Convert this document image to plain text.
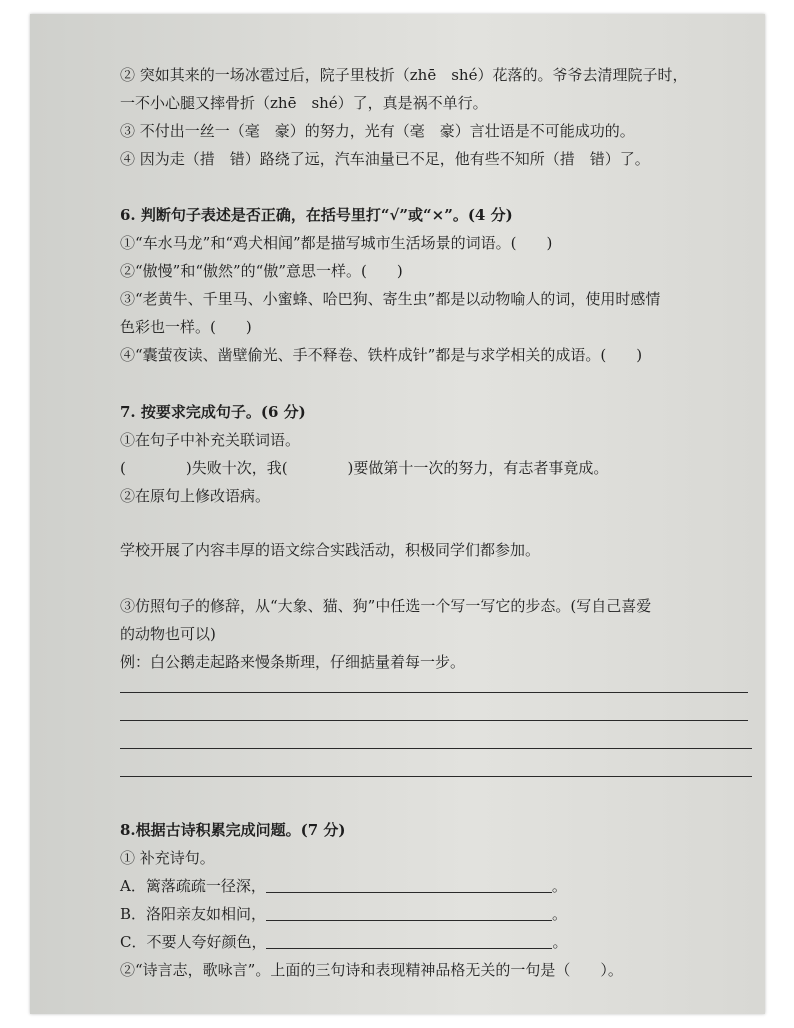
② 突如其来的一场冰雹过后，院子里枝折（zhē　shé）花落的。爷爷去清理院子时，
一不小心腿又摔骨折（zhē　shé）了，真是祸不单行。
③ 不付出一丝一（毫　豪）的努力，光有（毫　豪）言壮语是不可能成功的。
④ 因为走（措　错）路绕了远，汽车油量已不足，他有些不知所（措　错）了。
6. 判断句子表述是否正确，在括号里打“√”或“×”。(4 分)
①“车水马龙”和“鸡犬相闻”都是描写城市生活场景的词语。(　　)
②“傲慢”和“傲然”的“傲”意思一样。(　　)
③“老黄牛、千里马、小蜜蜂、哈巴狗、寄生虫”都是以动物喻人的词，使用时感情
色彩也一样。(　　)
④“囊萤夜读、凿壁偷光、手不释卷、铁杵成针”都是与求学相关的成语。(　　)
7. 按要求完成句子。(6 分)
①在句子中补充关联词语。
(　　　　)失败十次，我(　　　　)要做第十一次的努力，有志者事竟成。
②在原句上修改语病。
学校开展了内容丰厚的语文综合实践活动，积极同学们都参加。
③仿照句子的修辞，从“大象、猫、狗”中任选一个写一写它的步态。(写自己喜爱
的动物也可以)
例：白公鹅走起路来慢条斯理，仔细掂量着每一步。
8.根据古诗积累完成问题。(7 分)
① 补充诗句。
A．篱落疏疏一径深，	。
B．洛阳亲友如相问，	。
C．不要人夸好颜色，	。
②“诗言志，歌咏言”。上面的三句诗和表现精神品格无关的一句是（　　）。
